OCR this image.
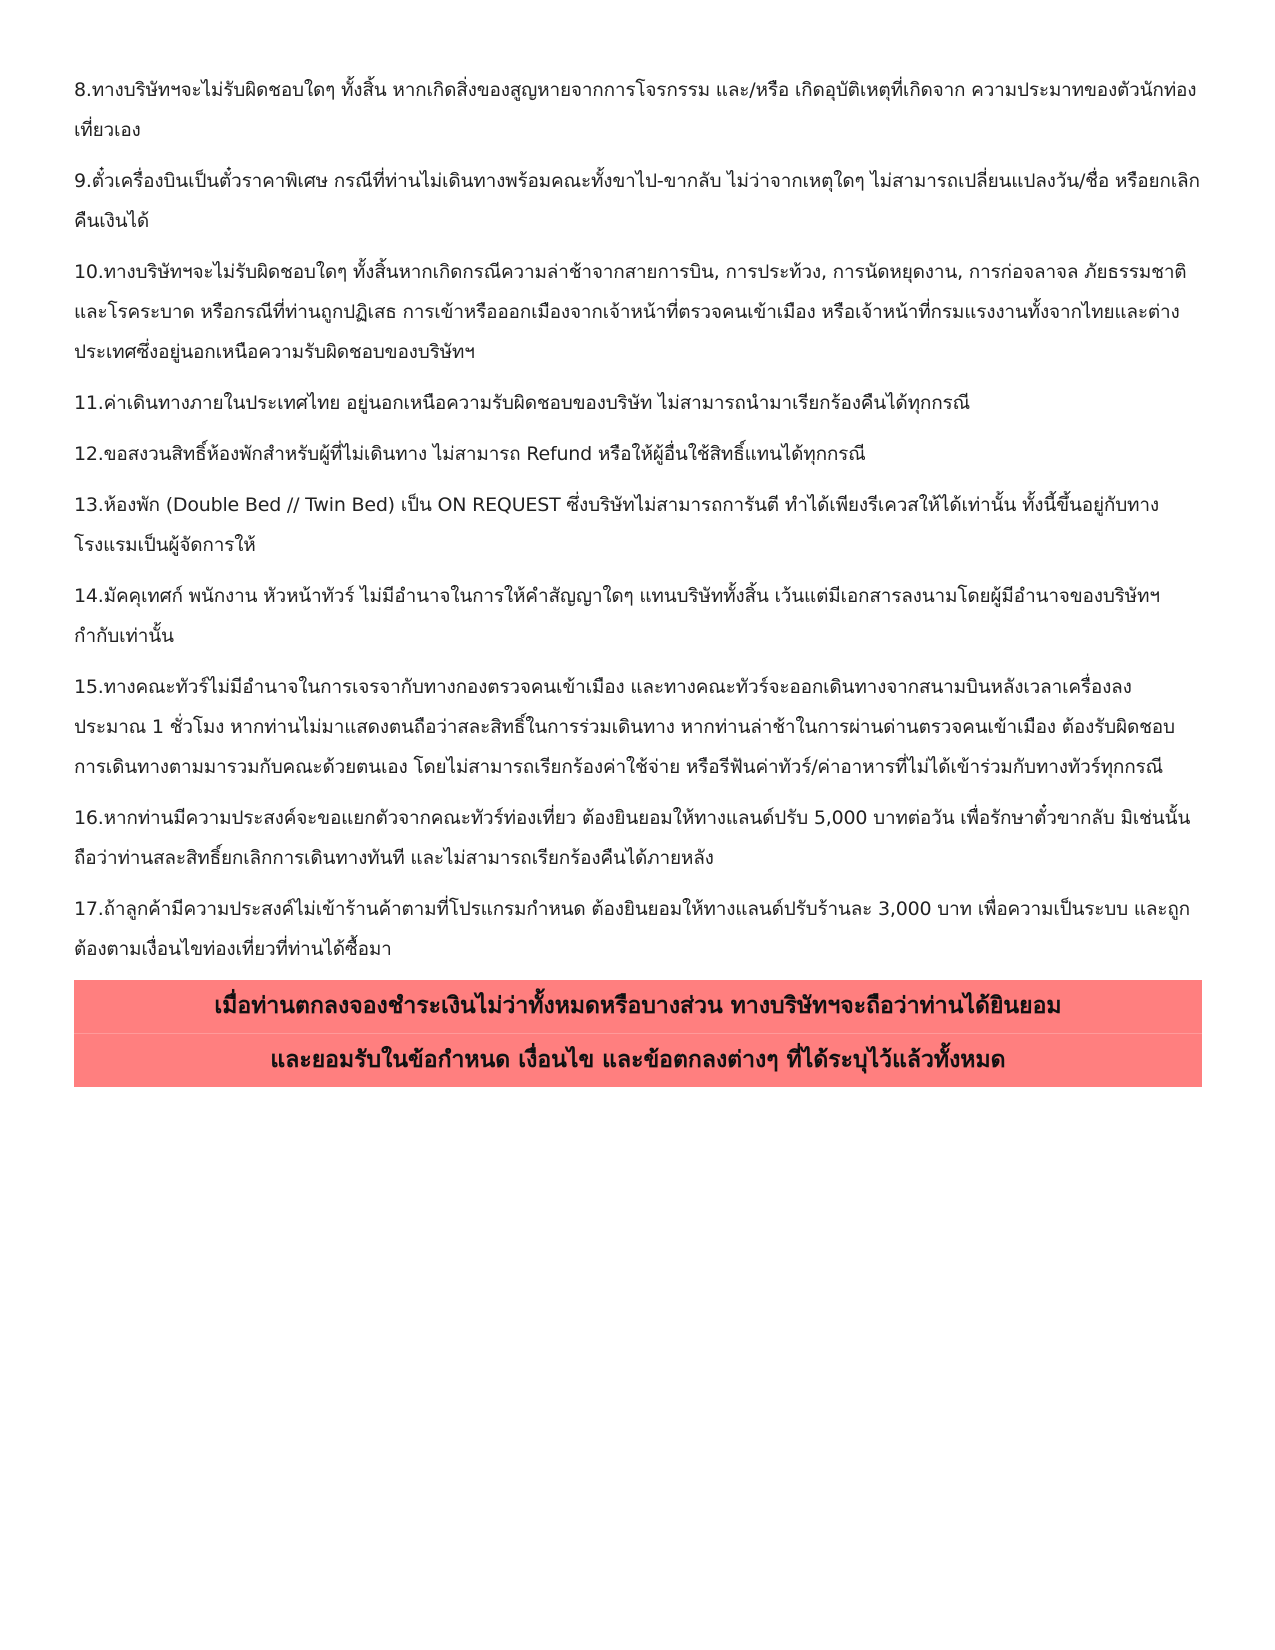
8.ทางบริษัทฯจะไม่รับผิดชอบใดๆ ทั้งสิ้น หากเกิดสิ่งของสูญหายจากการโจรกรรม และ/หรือ เกิดอุบัติเหตุที่เกิดจาก ความประมาทของตัวนักท่องเที่ยวเอง

9.ตั๋วเครื่องบินเป็นตั๋วราคาพิเศษ กรณีที่ท่านไม่เดินทางพร้อมคณะทั้งขาไป-ขากลับ ไม่ว่าจากเหตุใดๆ ไม่สามารถเปลี่ยนแปลงวัน/ชื่อ หรือยกเลิกคืนเงินได้

10.ทางบริษัทฯจะไม่รับผิดชอบใดๆ ทั้งสิ้นหากเกิดกรณีความล่าช้าจากสายการบิน, การประท้วง, การนัดหยุดงาน, การก่อจลาจล ภัยธรรมชาติ และโรคระบาด หรือกรณีที่ท่านถูกปฏิเสธ การเข้าหรือออกเมืองจากเจ้าหน้าที่ตรวจคนเข้าเมือง หรือเจ้าหน้าที่กรมแรงงานทั้งจากไทยและต่างประเทศซึ่งอยู่นอกเหนือความรับผิดชอบของบริษัทฯ

11.ค่าเดินทางภายในประเทศไทย อยู่นอกเหนือความรับผิดชอบของบริษัท ไม่สามารถนำมาเรียกร้องคืนได้ทุกกรณี

12.ขอสงวนสิทธิ์ห้องพักสำหรับผู้ที่ไม่เดินทาง ไม่สามารถ Refund หรือให้ผู้อื่นใช้สิทธิ์แทนได้ทุกกรณี

13.ห้องพัก (Double Bed // Twin Bed) เป็น ON REQUEST ซึ่งบริษัทไม่สามารถการันตี ทำได้เพียงรีเควสให้ได้เท่านั้น ทั้งนี้ขึ้นอยู่กับทางโรงแรมเป็นผู้จัดการให้

14.มัคคุเทศก์ พนักงาน หัวหน้าทัวร์ ไม่มีอำนาจในการให้คำสัญญาใดๆ แทนบริษัททั้งสิ้น เว้นแต่มีเอกสารลงนามโดยผู้มีอำนาจของบริษัทฯกำกับเท่านั้น

15.ทางคณะทัวร์ไม่มีอำนาจในการเจรจากับทางกองตรวจคนเข้าเมือง และทางคณะทัวร์จะออกเดินทางจากสนามบินหลังเวลาเครื่องลงประมาณ 1 ชั่วโมง หากท่านไม่มาแสดงตนถือว่าสละสิทธิ์ในการร่วมเดินทาง หากท่านล่าช้าในการผ่านด่านตรวจคนเข้าเมือง ต้องรับผิดชอบการเดินทางตามมารวมกับคณะด้วยตนเอง โดยไม่สามารถเรียกร้องค่าใช้จ่าย หรือรีฟันค่าทัวร์/ค่าอาหารที่ไม่ได้เข้าร่วมกับทางทัวร์ทุกกรณี

16.หากท่านมีความประสงค์จะขอแยกตัวจากคณะทัวร์ท่องเที่ยว ต้องยินยอมให้ทางแลนด์ปรับ 5,000 บาทต่อวัน เพื่อรักษาตั๋วขากลับ มิเช่นนั้นถือว่าท่านสละสิทธิ์ยกเลิกการเดินทางทันที และไม่สามารถเรียกร้องคืนได้ภายหลัง

17.ถ้าลูกค้ามีความประสงค์ไม่เข้าร้านค้าตามที่โปรแกรมกำหนด ต้องยินยอมให้ทางแลนด์ปรับร้านละ 3,000 บาท เพื่อความเป็นระบบ และถูกต้องตามเงื่อนไขท่องเที่ยวที่ท่านได้ซื้อมา

เมื่อท่านตกลงจองชำระเงินไม่ว่าทั้งหมดหรือบางส่วน ทางบริษัทฯจะถือว่าท่านได้ยินยอม
และยอมรับในข้อกำหนด เงื่อนไข และข้อตกลงต่างๆ ที่ได้ระบุไว้แล้วทั้งหมด
